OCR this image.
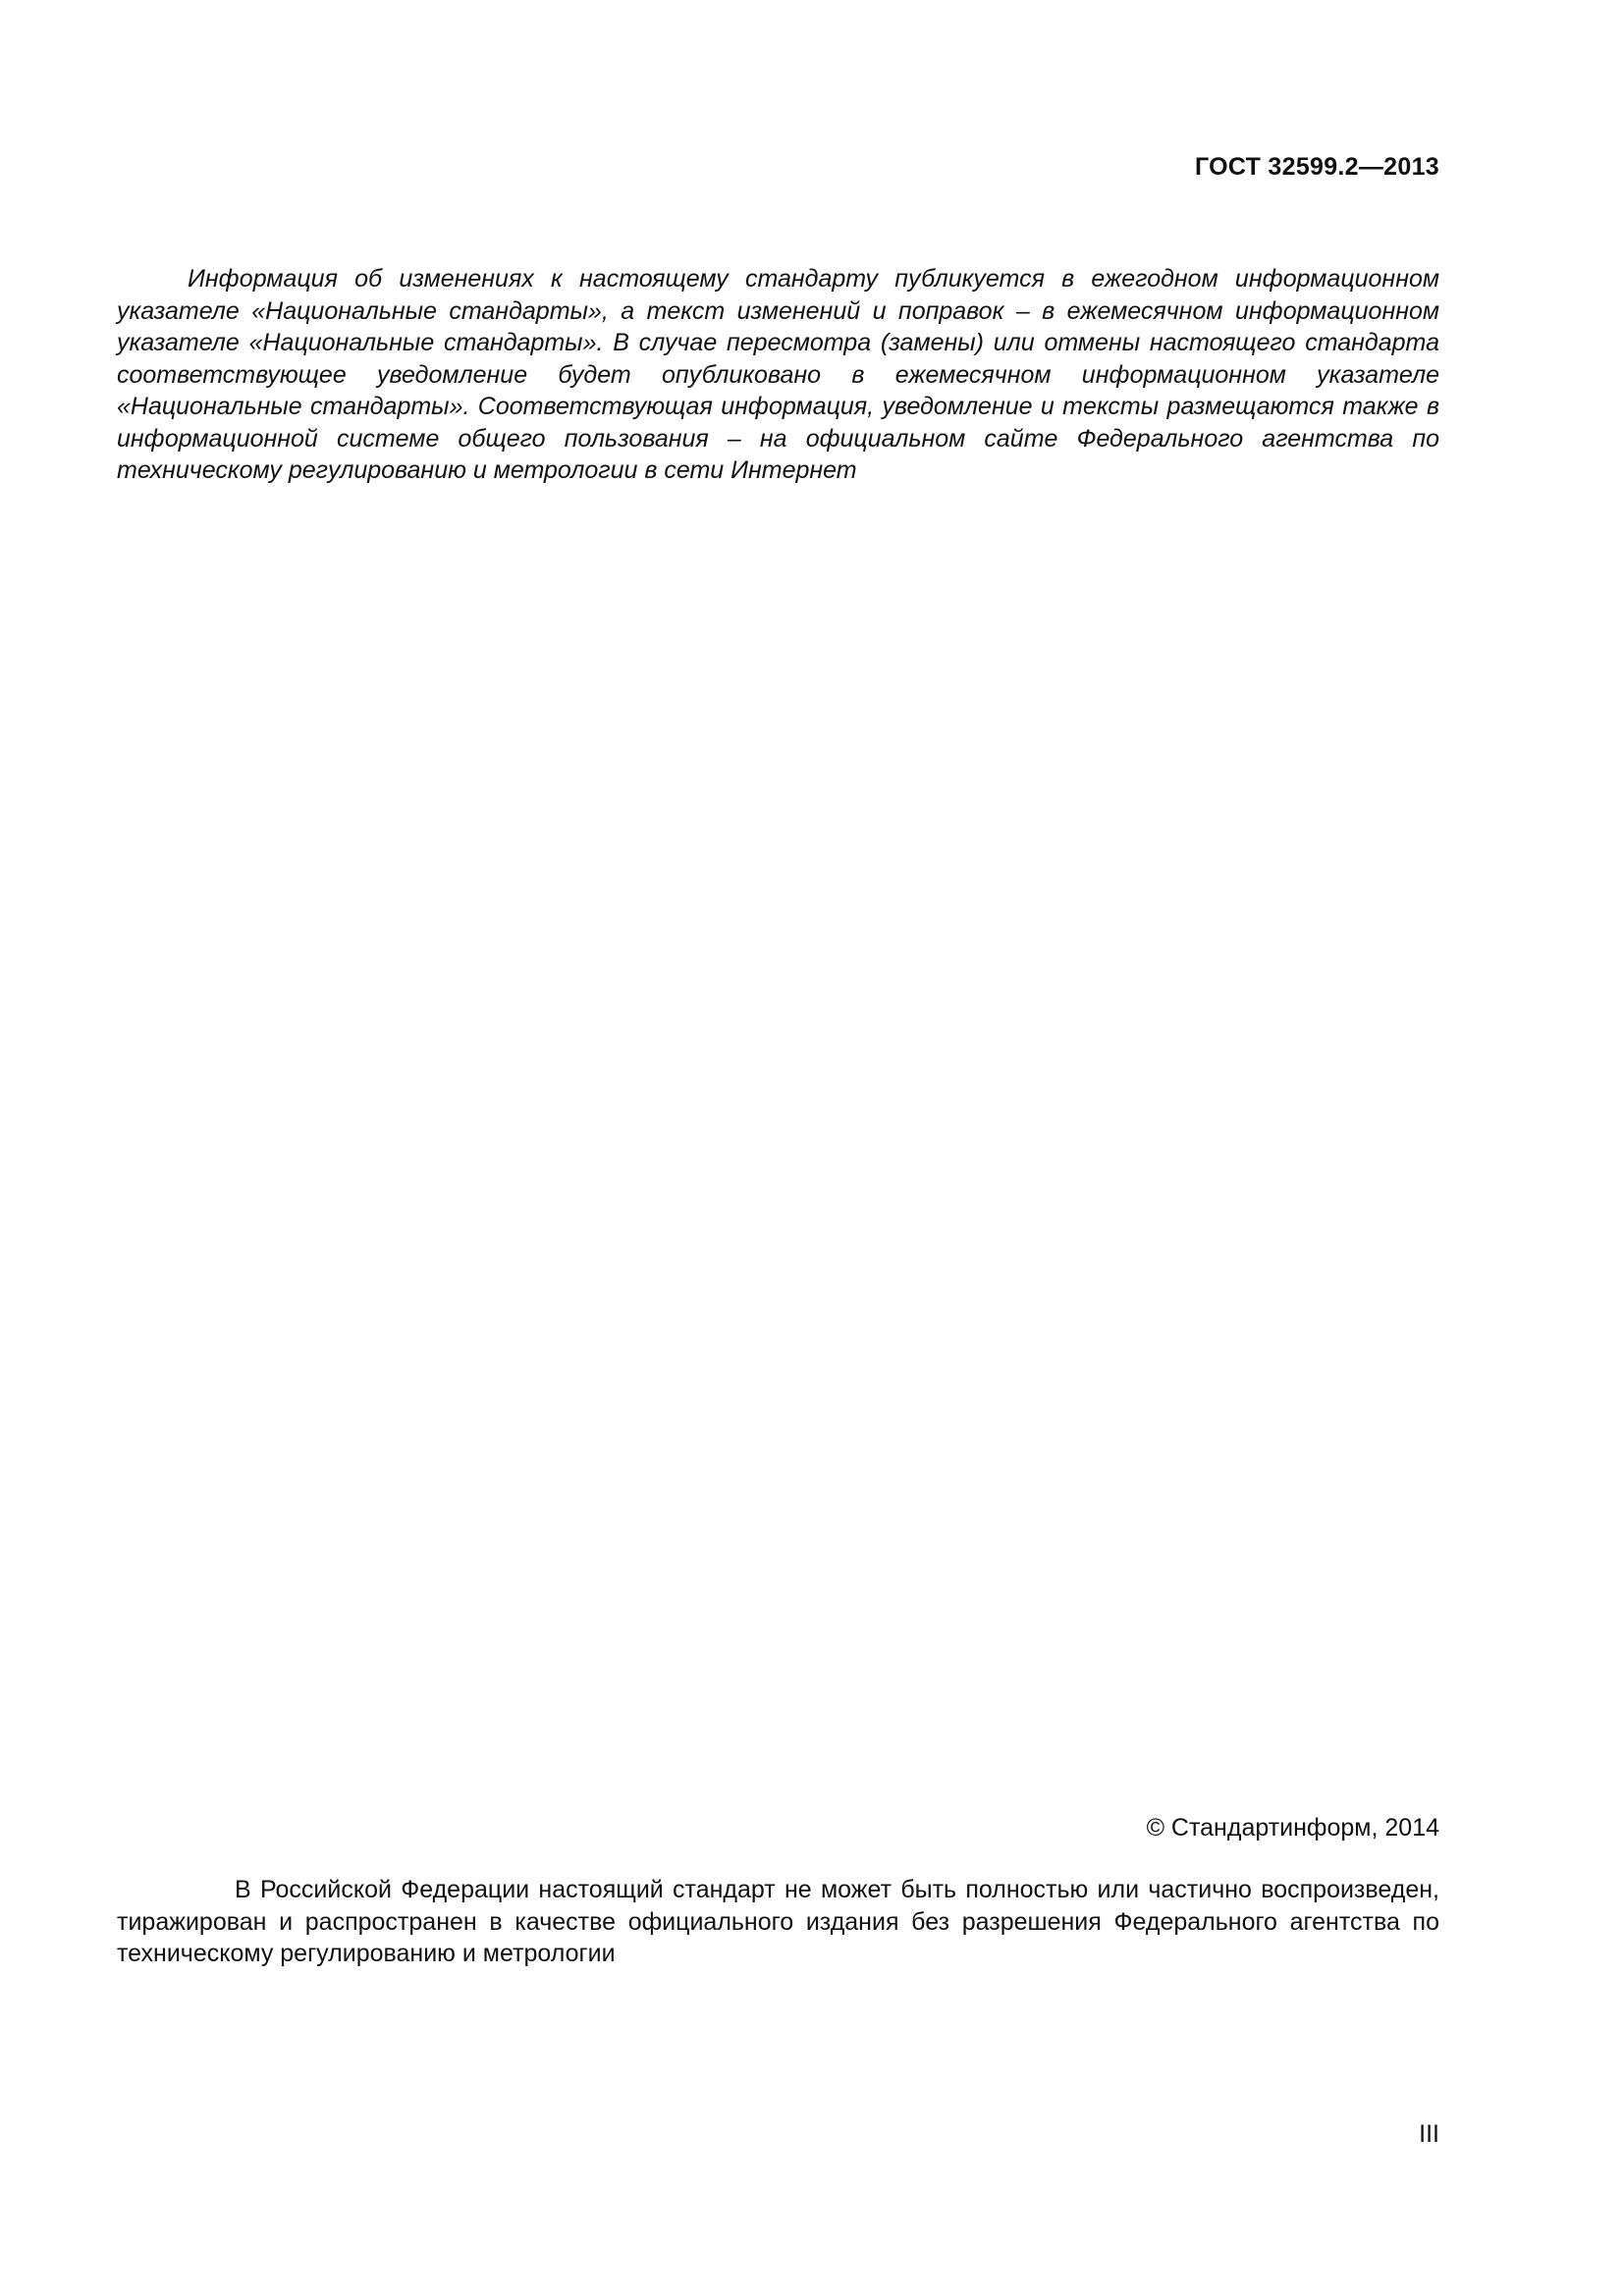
ГОСТ 32599.2—2013

Информация об изменениях к настоящему стандарту публикуется в ежегодном информационном указателе «Национальные стандарты», а текст изменений и поправок – в ежемесячном информационном указателе «Национальные стандарты». В случае пересмотра (замены) или отмены настоящего стандарта соответствующее уведомление будет опубликовано в ежемесячном информационном указателе «Национальные стандарты». Соответствующая информация, уведомление и тексты размещаются также в информационной системе общего пользования – на официальном сайте Федерального агентства по техническому регулированию и метрологии в сети Интернет

© Стандартинформ, 2014

В Российской Федерации настоящий стандарт не может быть полностью или частично воспроизведен, тиражирован и распространен в качестве официального издания без разрешения Федерального агентства по техническому регулированию и метрологии

III
